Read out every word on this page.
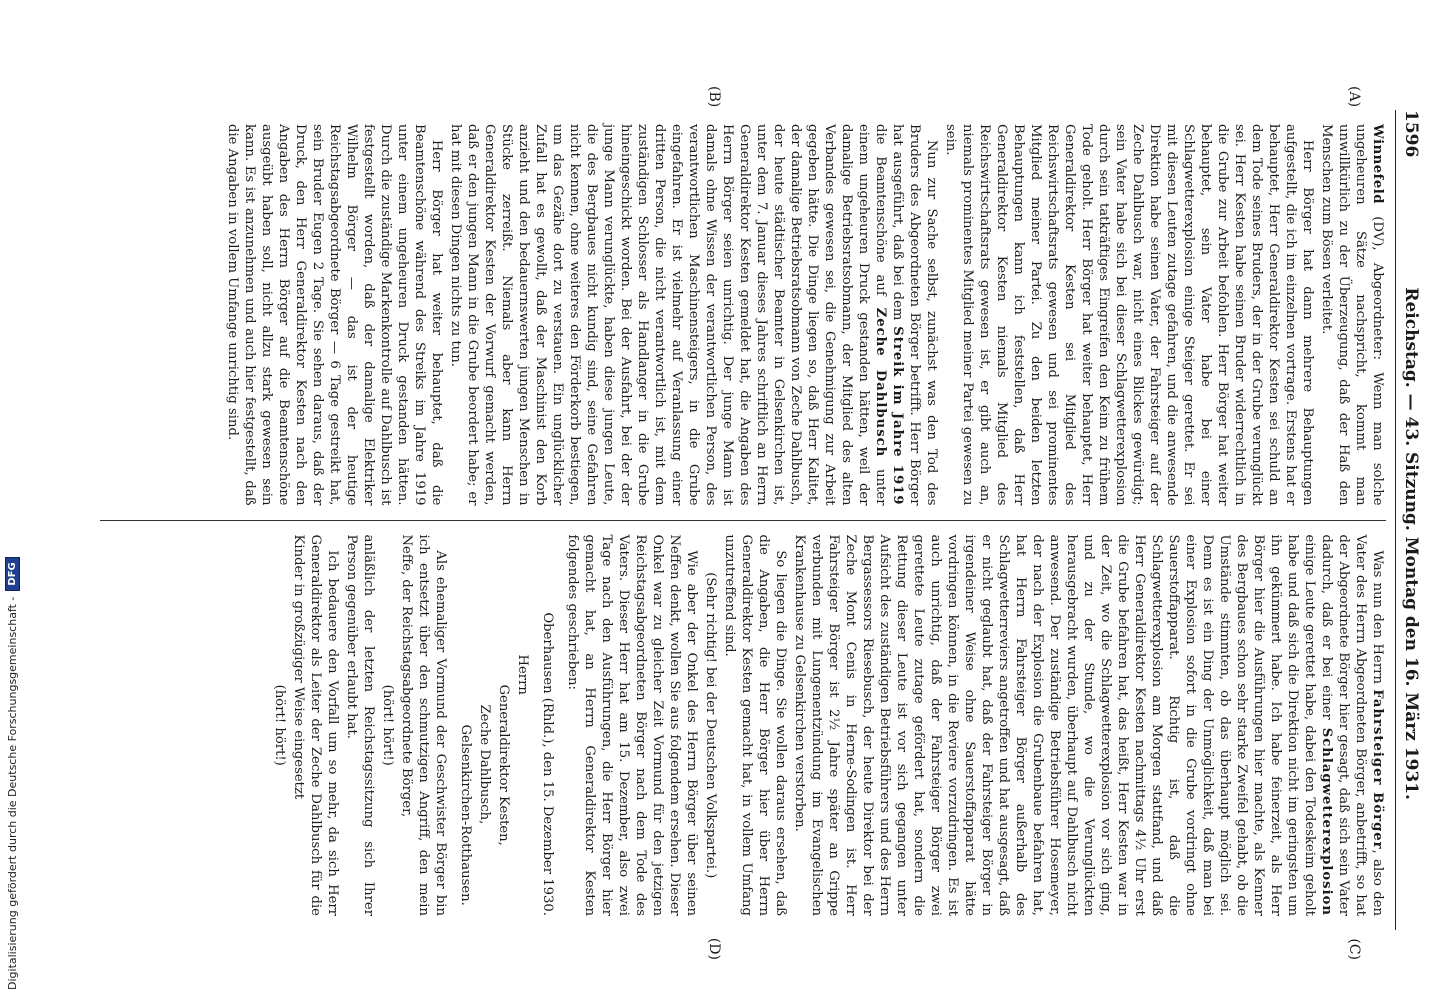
1596
Reichstag. — 43. Sitzung. Montag den 16. März 1931.
(A)
(B)
(C)
(D)

Winnefeld (DV), Abgeordneter: Wenn man solche ungeheuren Sätze nachspricht, kommt man unwillkürlich zu der Überzeugung, daß der Haß den Menschen zum Bösen verleitet.

Herr Börger hat dann mehrere Behauptungen aufgestellt, die ich im einzelnen vortrage. Erstens hat er behauptet, Herr Generaldirektor Kesten sei schuld an dem Tode seines Bruders, der in der Grube verunglückt sei. Herr Kesten habe seinen Bruder widerrechtlich in die Grube zur Arbeit befohlen. Herr Börger hat weiter behauptet, sein Vater habe bei einer Schlagwetterexplosion einige Steiger gerettet. Er sei mit diesen Leuten zutage gefahren, und die anwesende Direktion habe seinen Vater, der Fahrsteiger auf der Zeche Dahlbusch war, nicht eines Blickes gewürdigt; sein Vater habe sich bei dieser Schlagwetterexplosion durch sein tatkräftiges Eingreifen den Keim zu frühem Tode geholt. Herr Börger hat weiter behauptet, Herr Generaldirektor Kesten sei Mitglied des Reichswirtschaftsrats gewesen und sei prominentes Mitglied meiner Partei. Zu den beiden letzten Behauptungen kann ich feststellen, daß Herr Generaldirektor Kesten niemals Mitglied des Reichswirtschaftsrats gewesen ist, er gibt auch an, niemals prominentes Mitglied meiner Partei gewesen zu sein.

Nun zur Sache selbst, zunächst was den Tod des Bruders des Abgeordneten Börger betrifft. Herr Börger hat ausgeführt, daß bei dem Streik im Jahre 1919 die Beamtenschöne auf Zeche Dahlbusch unter einem ungeheuren Druck gestanden hätten, weil der damalige Betriebsratsobmann, der Mitglied des alten Verbandes gewesen sei, die Genehmigung zur Arbeit gegeben hätte. Die Dinge liegen so, daß Herr Kalitet, der damalige Betriebsratsobmann von Zeche Dahlbusch, der heute städtischer Beamter in Gelsenkirchen ist, unter dem 7. Januar dieses Jahres schriftlich an Herrn Generaldirektor Kesten gemeldet hat, die Angaben des Herrn Börger seien unrichtig. Der junge Mann ist damals ohne Wissen der verantwortlichen Person, des verantwortlichen Maschinensteigers, in die Grube eingefahren. Er ist vielmehr auf Veranlassung einer dritten Person, die nicht verantwortlich ist, mit dem zuständigen Schlosser als Handlanger in die Grube hineingeschickt worden. Bei der Ausfahrt, bei der der junge Mann verunglückte, haben diese jungen Leute, die des Bergbaues nicht kundig sind, seine Gefahren nicht kennen, ohne weiteres den Förderkorb bestiegen, um das Gezähe dort zu verstauen. Ein unglücklicher Zufall hat es gewollt, daß der Maschinist den Korb anzieht und den bedauernswerten jungen Menschen in Stücke zerreißt. Niemals aber kann Herrn Generaldirektor Kesten der Vorwurf gemacht werden, daß er den jungen Mann in die Grube beordert habe; er hat mit diesen Dingen nichts zu tun.

Herr Börger hat weiter behauptet, daß die Beamtenschöne während des Streiks im Jahre 1919 unter einem ungeheuren Druck gestanden hätten. Durch die zuständige Markenkontrolle auf Dahlbusch ist festgestellt worden, daß der damalige Elektriker Wilhelm Börger — das ist der heutige Reichstagsabgeordnete Börger — 6 Tage gestreikt hat, sein Bruder Eugen 2 Tage. Sie sehen daraus, daß der Druck, den Herr Generaldirektor Kesten nach den Angaben des Herrn Börger auf die Beamtenschöne ausgeübt haben soll, nicht allzu stark gewesen sein kann. Es ist anzunehmen und auch hier festgestellt, daß die Angaben in vollem Umfange unrichtig sind.

Was nun den Herrn Fahrsteiger Börger, also den Vater des Herrn Abgeordneten Börger, anbetrifft, so hat der Abgeordnete Börger hier gesagt, daß sich sein Vater dadurch, daß er bei einer Schlagwetterexplosion einige Leute gerettet habe, dabei den Todeskeim geholt habe und daß sich die Direktion nicht im geringsten um ihn gekümmert habe. Ich habe feinerzeit, als Herr Börger hier die Ausführungen hier machte, als Kenner des Bergbaues schon sehr starke Zweifel gehabt, ob die Umstände stimmten, ob das überhaupt möglich sei. Denn es ist ein Ding der Unmöglichkeit, daß man bei einer Explosion sofort in die Grube vordringt ohne Sauerstoffapparat. Richtig ist, daß die Schlagwetterexplosion am Morgen stattfand, und daß Herr Generaldirektor Kesten nachmittags 4½ Uhr erst die Grube befahren hat, das heißt, Herr Kesten war in der Zeit, wo die Schlagwetterexplosion vor sich ging, und zu der Stunde, wo die Verunglückten herausgebracht wurden, überhaupt auf Dahlbusch nicht anwesend. Der zuständige Betriebsführer Hosemeyer, der nach der Explosion die Grubenbaue befahren hat, hat Herrn Fahrsteiger Börger außerhalb des Schlagwetterreviers angetroffen und hat ausgesagt, daß er nicht geglaubt hat, daß der Fahrsteiger Börger in irgendeiner Weise ohne Sauerstoffapparat hätte vordringen können, in die Reviere vorzudringen. Es ist auch unrichtig, daß der Fahrsteiger Börger zwei gerettete Leute zutage gefördert hat, sondern die Rettung dieser Leute ist vor sich gegangen unter Aufsicht des zuständigen Betriebsführers und des Herrn Bergassessors Riesebusch, der heute Direktor bei der Zeche Mont Cenis in Herne-Sodingen ist. Herr Fahrsteiger Börger ist 2½ Jahre später an Grippe verbunden mit Lungenentzündung im Evangelischen Krankenhause zu Gelsenkirchen verstorben.

So liegen die Dinge. Sie wollen daraus ersehen, daß die Angaben, die Herr Börger hier über Herrn Generaldirektor Kesten gemacht hat, in vollem Umfang unzutreffend sind.

(Sehr richtig! bei der Deutschen Volkspartei.)

Wie aber der Onkel des Herrn Börger über seinen Neffen denkt, wollen Sie aus folgendem ersehen. Dieser Onkel war zu gleicher Zeit Vormund für den jetzigen Reichstagsabgeordneten Börger nach dem Tode des Vaters. Dieser Herr hat am 15. Dezember, also zwei Tage nach den Ausführungen, die Herr Börger hier gemacht hat, an Herrn Generaldirektor Kesten folgendes geschrieben:

Oberhausen (Rhld.), den 15. Dezember 1930.

Herrn

Generaldirektor Kesten,

Zeche Dahlbusch,

Gelsenkirchen-Rotthausen.

Als ehemaliger Vormund der Geschwister Börger bin ich entsetzt über den schmutzigen Angriff, den mein Neffe, der Reichstagsabgeordnete Börger,

(hört! hört!)

anläßlich der letzten Reichstagssitzung sich Ihrer Person gegenüber erlaubt hat.

Ich bedauere den Vorfall um so mehr, da sich Herr Generaldirektor als Leiter der Zeche Dahlbusch für die Kinder in großzügiger Weise eingesetzt

(hört! hört!)

Digitalisierung gefördert durch die Deutsche Forschungsgemeinschaft -
DFG
